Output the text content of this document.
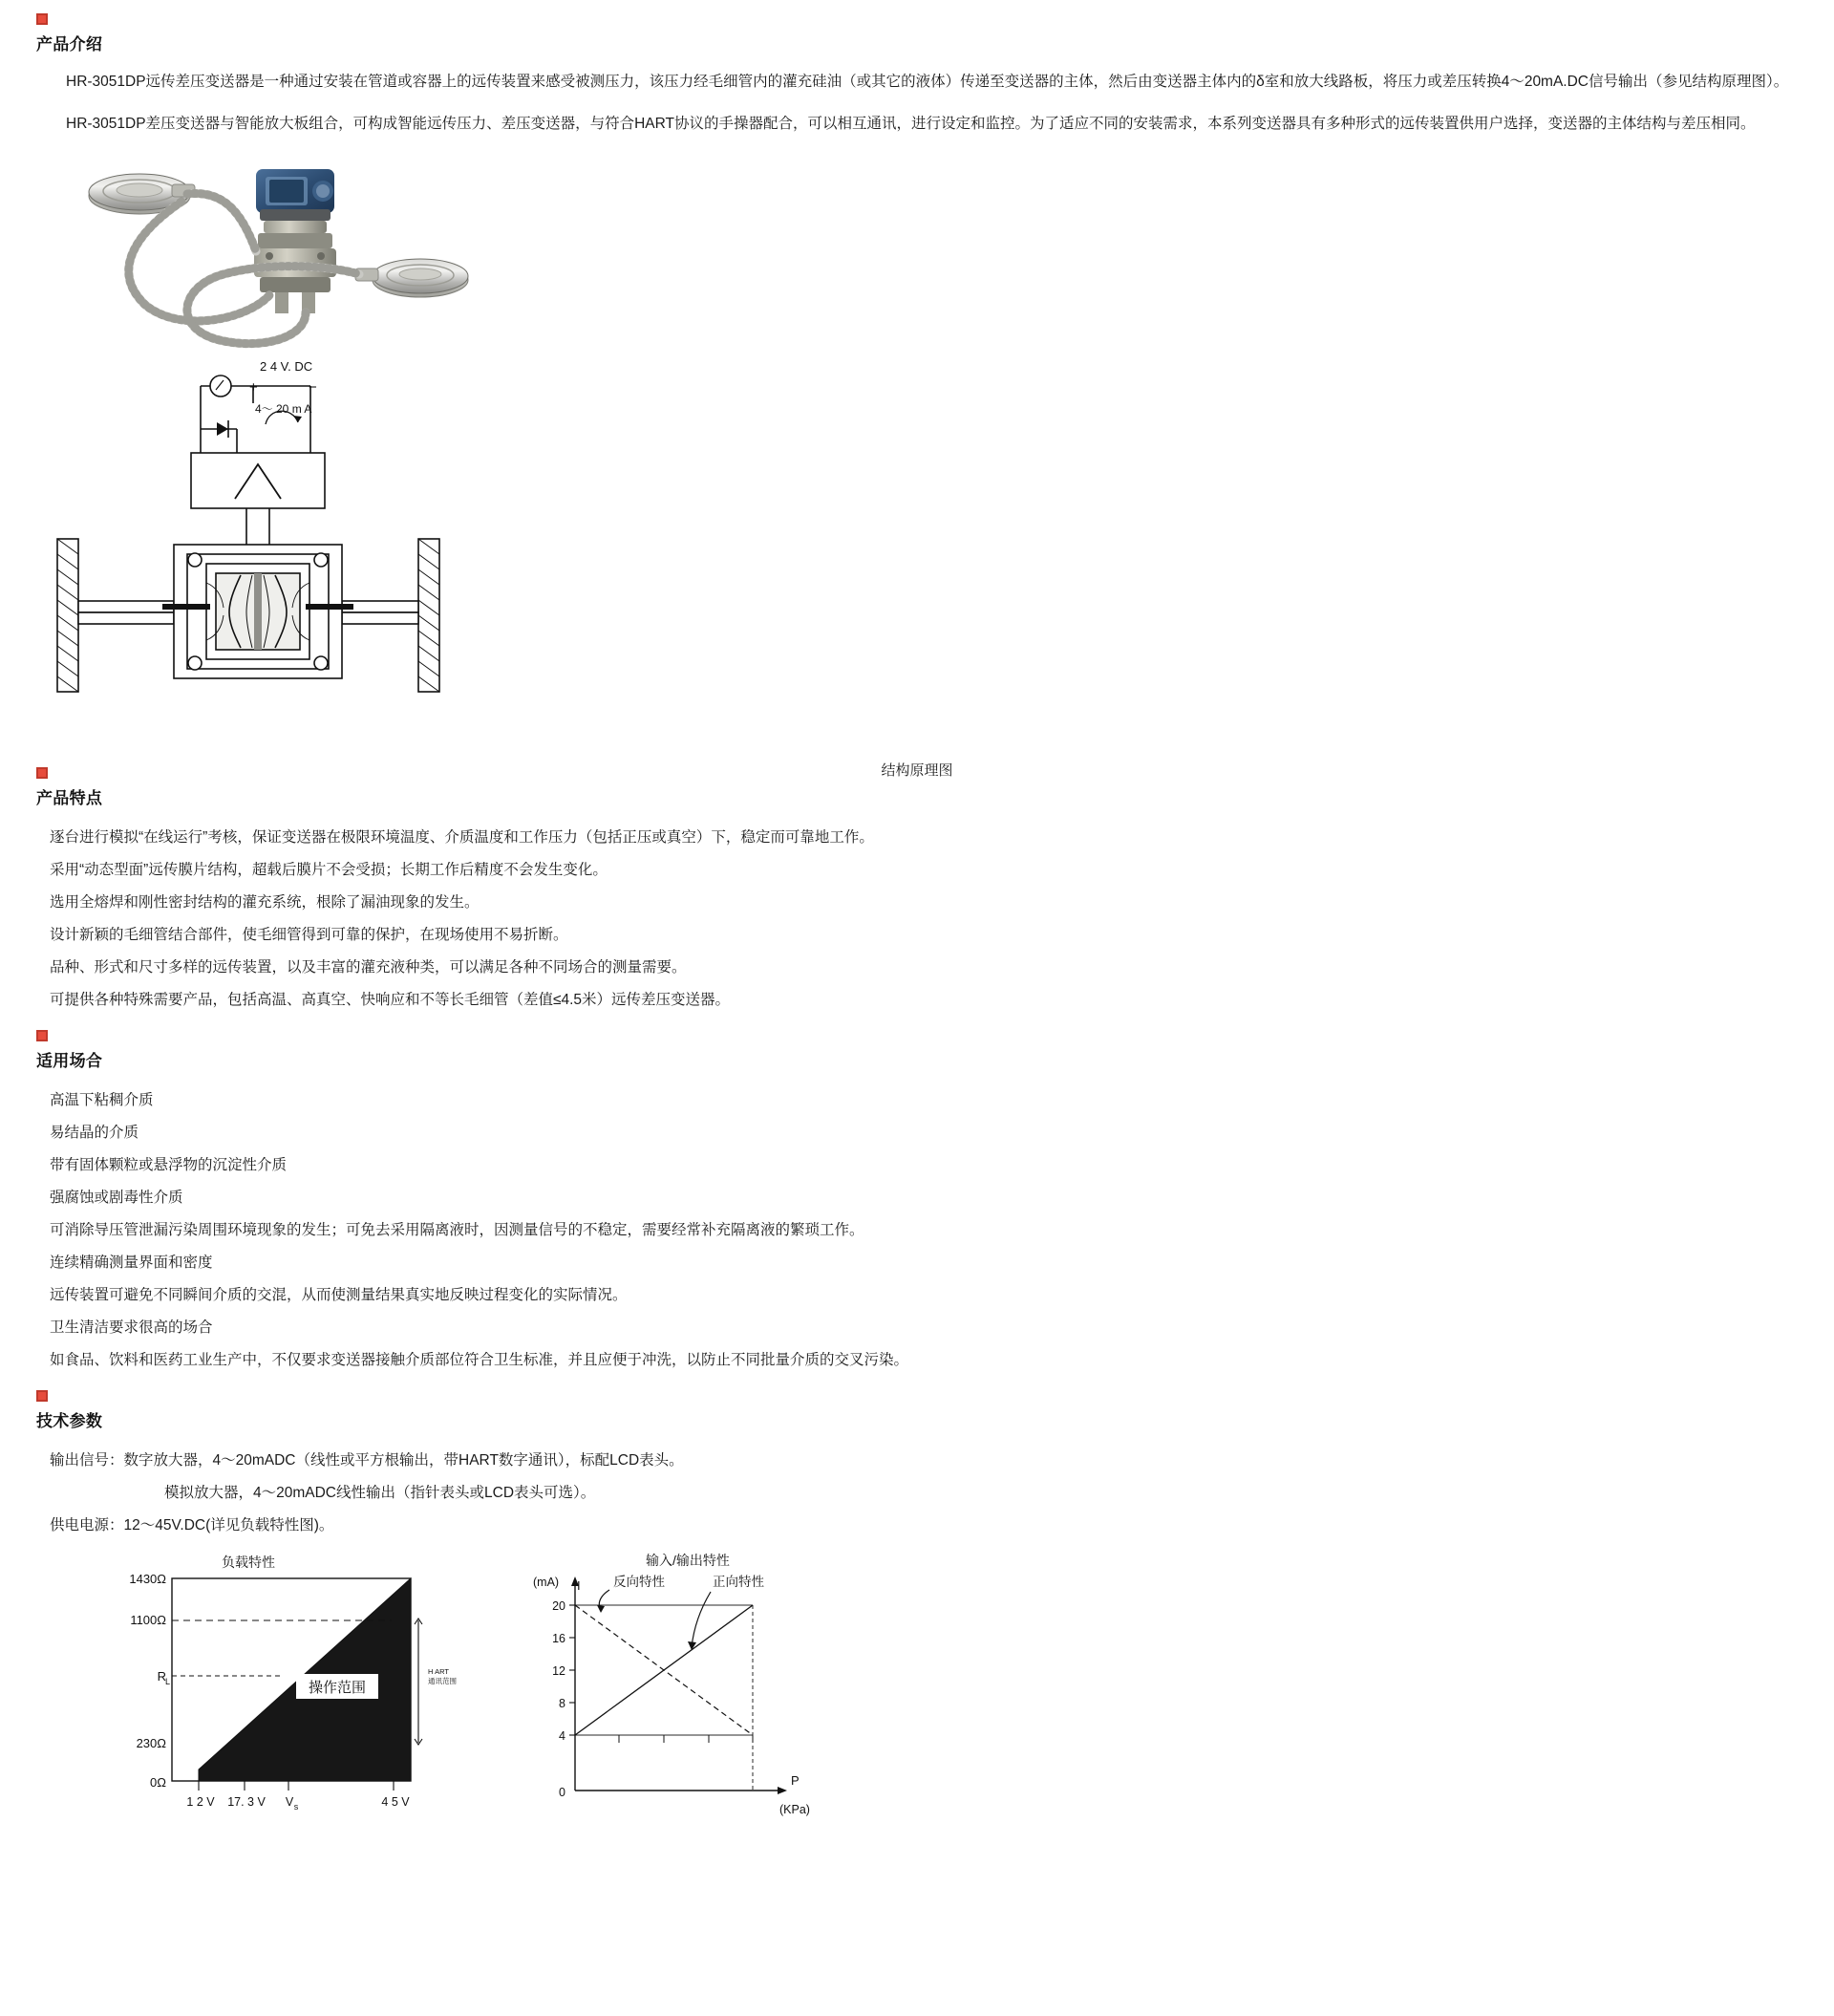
产品介绍

HR-3051DP远传差压变送器是一种通过安装在管道或容器上的远传装置来感受被测压力，该压力经毛细管内的灌充硅油（或其它的液体）传递至变送器的主体，然后由变送器主体内的δ室和放大线路板，将压力或差压转换4～20mA.DC信号输出（参见结构原理图）。

HR-3051DP差压变送器与智能放大板组合，可构成智能远传压力、差压变送器，与符合HART协议的手操器配合，可以相互通讯，进行设定和监控。为了适应不同的安装需求，本系列变送器具有多种形式的远传装置供用户选择，变送器的主体结构与差压相同。

2 4 V. DC
+	−
4～ 20 m A
结构原理图
产品特点
逐台进行模拟“在线运行”考核，保证变送器在极限环境温度、介质温度和工作压力（包括正压或真空）下，稳定而可靠地工作。
采用“动态型面”远传膜片结构，超载后膜片不会受损；长期工作后精度不会发生变化。
选用全熔焊和刚性密封结构的灌充系统，根除了漏油现象的发生。
设计新颖的毛细管结合部件，使毛细管得到可靠的保护，在现场使用不易折断。
品种、形式和尺寸多样的远传装置，以及丰富的灌充液种类，可以满足各种不同场合的测量需要。
可提供各种特殊需要产品，包括高温、高真空、快响应和不等长毛细管（差值≤4.5米）远传差压变送器。
适用场合
高温下粘稠介质
易结晶的介质
带有固体颗粒或悬浮物的沉淀性介质
强腐蚀或剧毒性介质
可消除导压管泄漏污染周围环境现象的发生；可免去采用隔离液时，因测量信号的不稳定，需要经常补充隔离液的繁琐工作。
连续精确测量界面和密度
远传装置可避免不同瞬间介质的交混，从而使测量结果真实地反映过程变化的实际情况。
卫生清洁要求很高的场合
如食品、饮料和医药工业生产中，不仅要求变送器接触介质部位符合卫生标准，并且应便于冲洗，以防止不同批量介质的交叉污染。
技术参数
输出信号：数字放大器，4～20mADC（线性或平方根输出，带HART数字通讯），标配LCD表头。
模拟放大器，4～20mADC线性输出（指针表头或LCD表头可选）。
供电电源：12～45V.DC(详见负载特性图)。
负载特性
1430Ω
1100Ω
R
L
230Ω
0Ω
1 2 V 17. 3 V V s	4 5 V
操作范围
H ART
通讯范围
输入/输出特性
(mA) I
P
(KPa)
20
16
12
8
4
0
反向特性	正向特性
